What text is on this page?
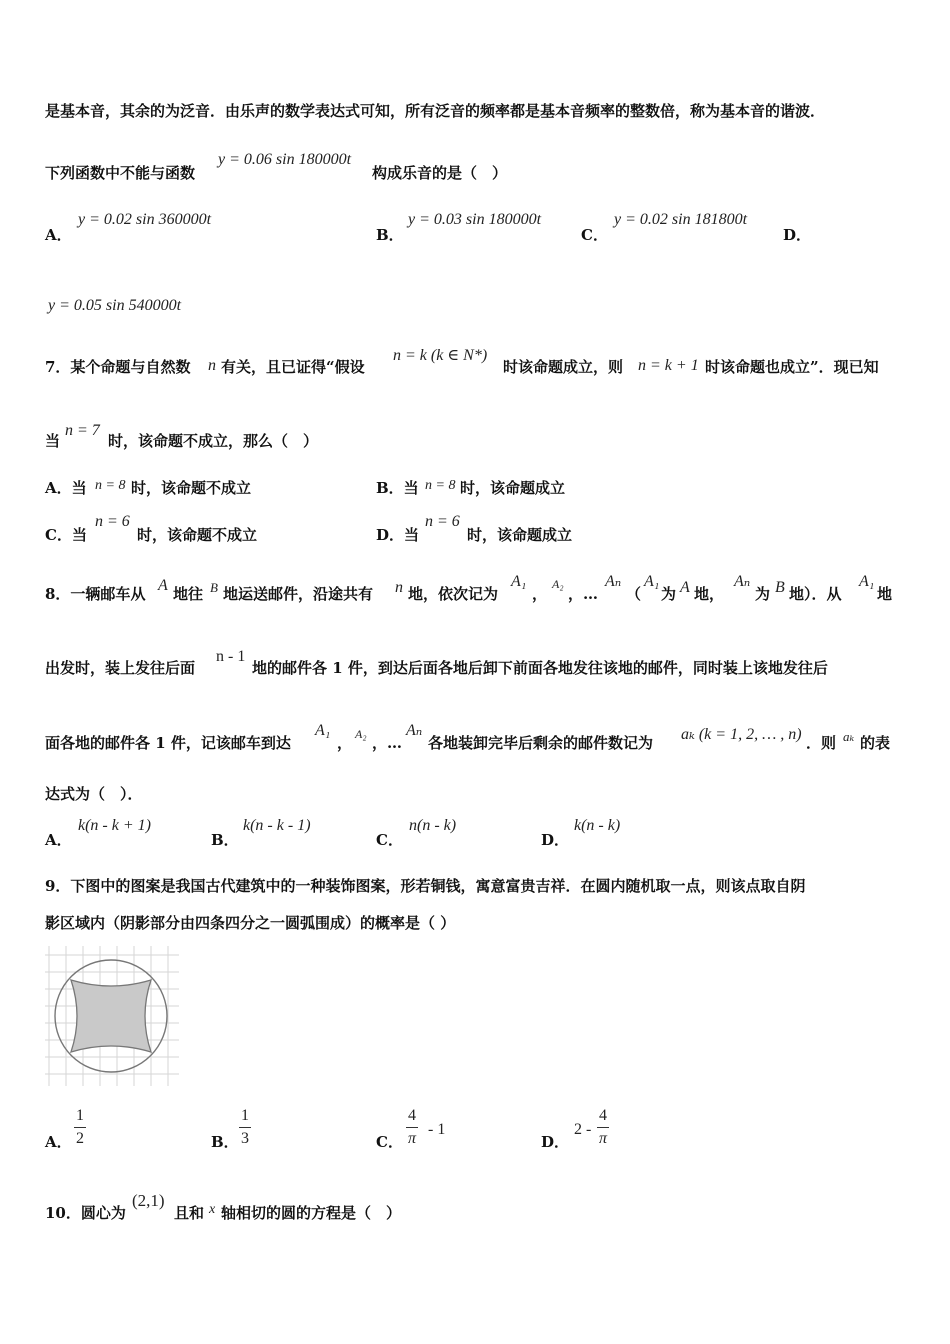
是基本音，其余的为泛音．由乐声的数学表达式可知，所有泛音的频率都是基本音频率的整数倍，称为基本音的谐波．
下列函数中不能与函数
y = 0.06 sin 180000t
构成乐音的是（　）
A．
y = 0.02 sin 360000t
B．
y = 0.03 sin 180000t
C．
y = 0.02 sin 181800t
D．
y = 0.05 sin 540000t
7．某个命题与自然数 n 有关，且已证得“假设
n = k (k ∈ N*)
时该命题成立，则 n = k + 1 时该命题也成立”．现已知
当
n = 7
时，该命题不成立，那么（　）
A．当 n = 8 时，该命题不成立	B．当 n = 8 时，该命题成立
C．当
n = 6
时，该命题不成立	D．当
n = 6
时，该命题成立
8．一辆邮车从 A 地往 B 地运送邮件，沿途共有 n 地，依次记为
A₁
，
A₂
，…
Aₙ
（
A₁
为 A 地，
Aₙ
为 B 地）．从
A₁
地
出发时，装上发往后面
n - 1
地的邮件各 1 件，到达后面各地后卸下前面各地发往该地的邮件，同时装上该地发往后
面各地的邮件各 1 件，记该邮车到达
A₁
， A₂ ，…
Aₙ
各地装卸完毕后剩余的邮件数记为 aₖ (k = 1, 2, … , n) ．则 aₖ 的表
达式为（　）．
A．
k(n - k + 1)
B．
k(n - k - 1)
C．
n(n - k)
D．
k(n - k)
9．下图中的图案是我国古代建筑中的一种装饰图案，形若铜钱，寓意富贵吉祥．在圆内随机取一点，则该点取自阴
影区域内（阴影部分由四条四分之一圆弧围成）的概率是（ ）
A．
1
2	B．
1
3	C．
4
π
- 1
D．
2 -
4
π
10．圆心为
(2,1)
且和 x 轴相切的圆的方程是（　）
